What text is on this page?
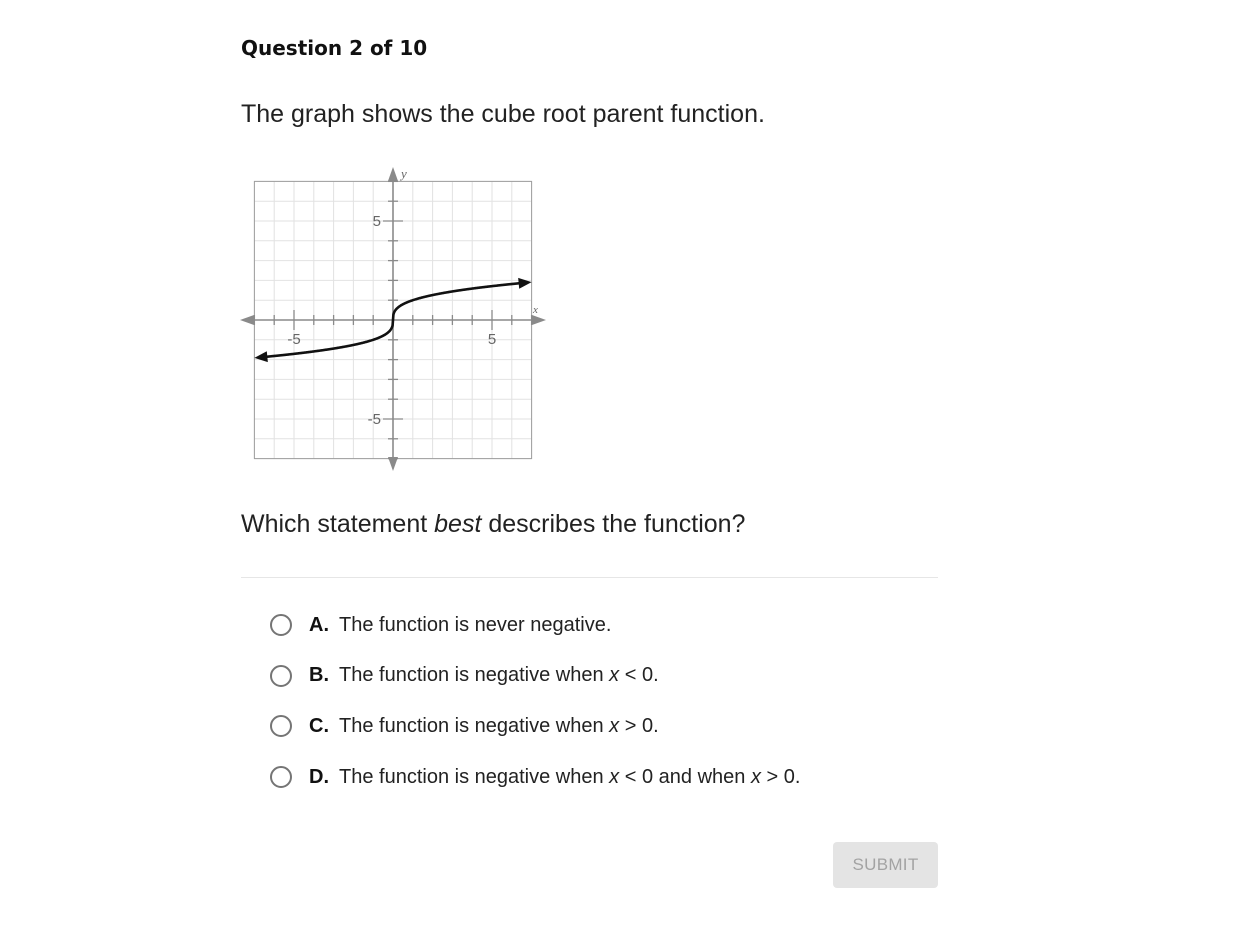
Question 2 of 10
The graph shows the cube root parent function.
-5	5
5
-5
x
y
Which statement best describes the function?
A. The function is never negative.
B. The function is negative when x < 0.
C. The function is negative when x > 0.
D. The function is negative when x < 0 and when x > 0.
SUBMIT
